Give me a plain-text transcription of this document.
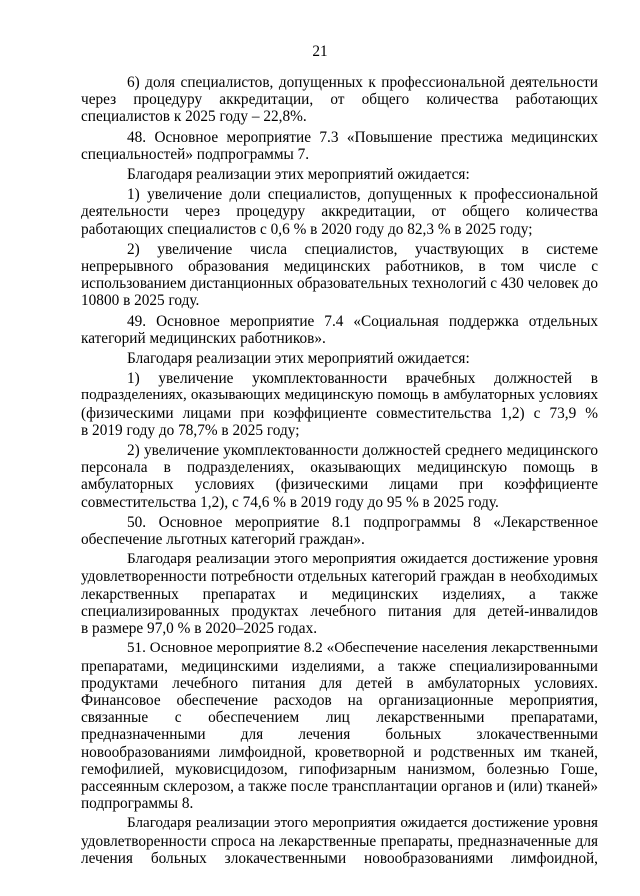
21
6) доля специалистов, допущенных к профессиональной деятельности
через процедуру аккредитации, от общего количества работающих
специалистов к 2025 году – 22,8%.
48. Основное мероприятие 7.3 «Повышение престижа медицинских
специальностей» подпрограммы 7.
Благодаря реализации этих мероприятий ожидается:
1) увеличение доли специалистов, допущенных к профессиональной
деятельности через процедуру аккредитации, от общего количества
работающих специалистов с 0,6 % в 2020 году до 82,3 % в 2025 году;
2) увеличение числа специалистов, участвующих в системе
непрерывного образования медицинских работников, в том числе с
использованием дистанционных образовательных технологий с 430 человек до
10800 в 2025 году.
49. Основное мероприятие 7.4 «Социальная поддержка отдельных
категорий медицинских работников».
Благодаря реализации этих мероприятий ожидается:
1) увеличение укомплектованности врачебных должностей в
подразделениях, оказывающих медицинскую помощь в амбулаторных условиях
(физическими лицами при коэффициенте совместительства 1,2) с 73,9 %
в 2019 году до 78,7% в 2025 году;
2) увеличение укомплектованности должностей среднего медицинского
персонала в подразделениях, оказывающих медицинскую помощь в
амбулаторных условиях (физическими лицами при коэффициенте
совместительства 1,2), с 74,6 % в 2019 году до 95 % в 2025 году.
50. Основное мероприятие 8.1 подпрограммы 8 «Лекарственное
обеспечение льготных категорий граждан».
Благодаря реализации этого мероприятия ожидается достижение уровня
удовлетворенности потребности отдельных категорий граждан в необходимых
лекарственных препаратах и медицинских изделиях, а также
специализированных продуктах лечебного питания для детей-инвалидов
в размере 97,0 % в 2020–2025 годах.
51. Основное мероприятие 8.2 «Обеспечение населения лекарственными
препаратами, медицинскими изделиями, а также специализированными
продуктами лечебного питания для детей в амбулаторных условиях.
Финансовое обеспечение расходов на организационные мероприятия,
связанные с обеспечением лиц лекарственными препаратами,
предназначенными для лечения больных злокачественными
новообразованиями лимфоидной, кроветворной и родственных им тканей,
гемофилией, муковисцидозом, гипофизарным нанизмом, болезнью Гоше,
рассеянным склерозом, а также после трансплантации органов и (или) тканей»
подпрограммы 8.
Благодаря реализации этого мероприятия ожидается достижение уровня
удовлетворенности спроса на лекарственные препараты, предназначенные для
лечения больных злокачественными новообразованиями лимфоидной,
